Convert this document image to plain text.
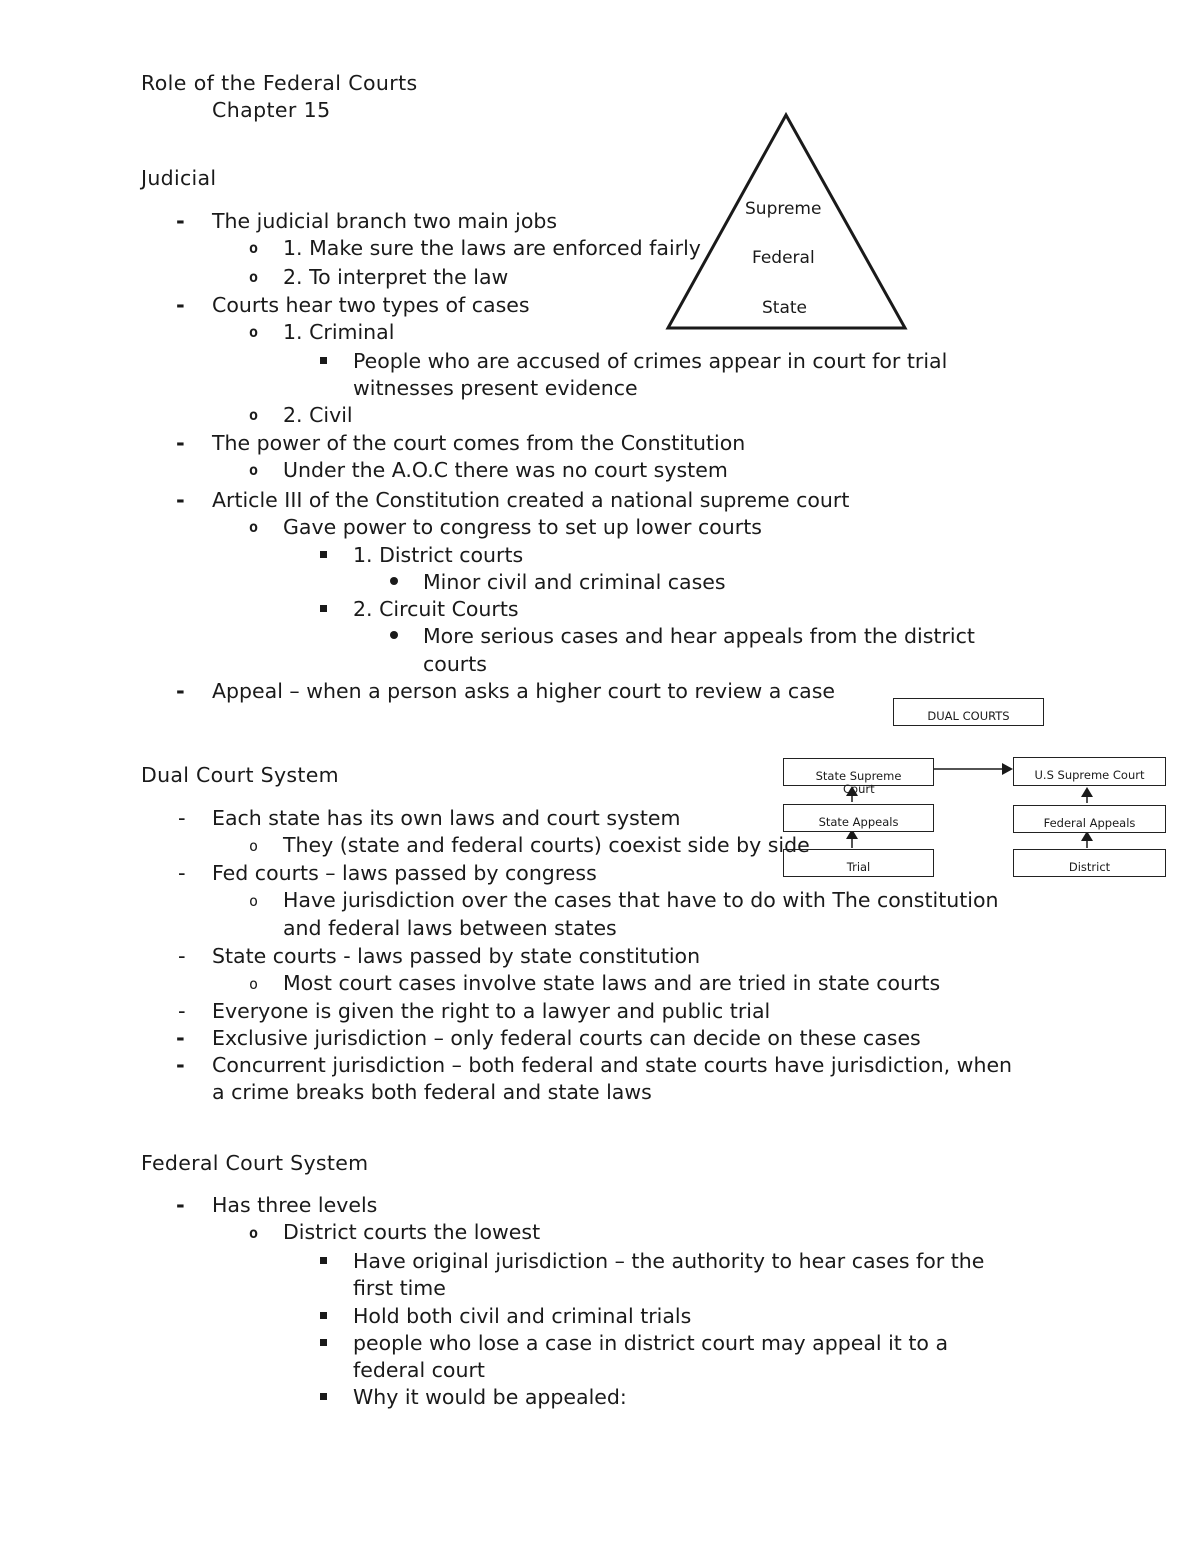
Role of the Federal Courts
Chapter 15
Judicial
- The judicial branch two main jobs
o 1. Make sure the laws are enforced fairly
o 2. To interpret the law
- Courts hear two types of cases
o 1. Criminal
People who are accused of crimes appear in court for trial
witnesses present evidence
o 2. Civil
- The power of the court comes from the Constitution
o Under the A.O.C there was no court system
- Article III of the Constitution created a national supreme court
o Gave power to congress to set up lower courts
1. District courts
Minor civil and criminal cases
2. Circuit Courts
More serious cases and hear appeals from the district
courts
- Appeal – when a person asks a higher court to review a case
Supreme
Federal
State
DUAL COURTS
State Supreme
Court
State Appeals
Trial
U.S Supreme Court
Federal Appeals
District
Dual Court System
- Each state has its own laws and court system
o They (state and federal courts) coexist side by side
- Fed courts – laws passed by congress
o Have jurisdiction over the cases that have to do with The constitution
and federal laws between states
- State courts - laws passed by state constitution
o Most court cases involve state laws and are tried in state courts
- Everyone is given the right to a lawyer and public trial
- Exclusive jurisdiction – only federal courts can decide on these cases
- Concurrent jurisdiction – both federal and state courts have jurisdiction, when
a crime breaks both federal and state laws
Federal Court System
- Has three levels
o District courts the lowest
Have original jurisdiction – the authority to hear cases for the
first time
Hold both civil and criminal trials
people who lose a case in district court may appeal it to a
federal court
Why it would be appealed:
